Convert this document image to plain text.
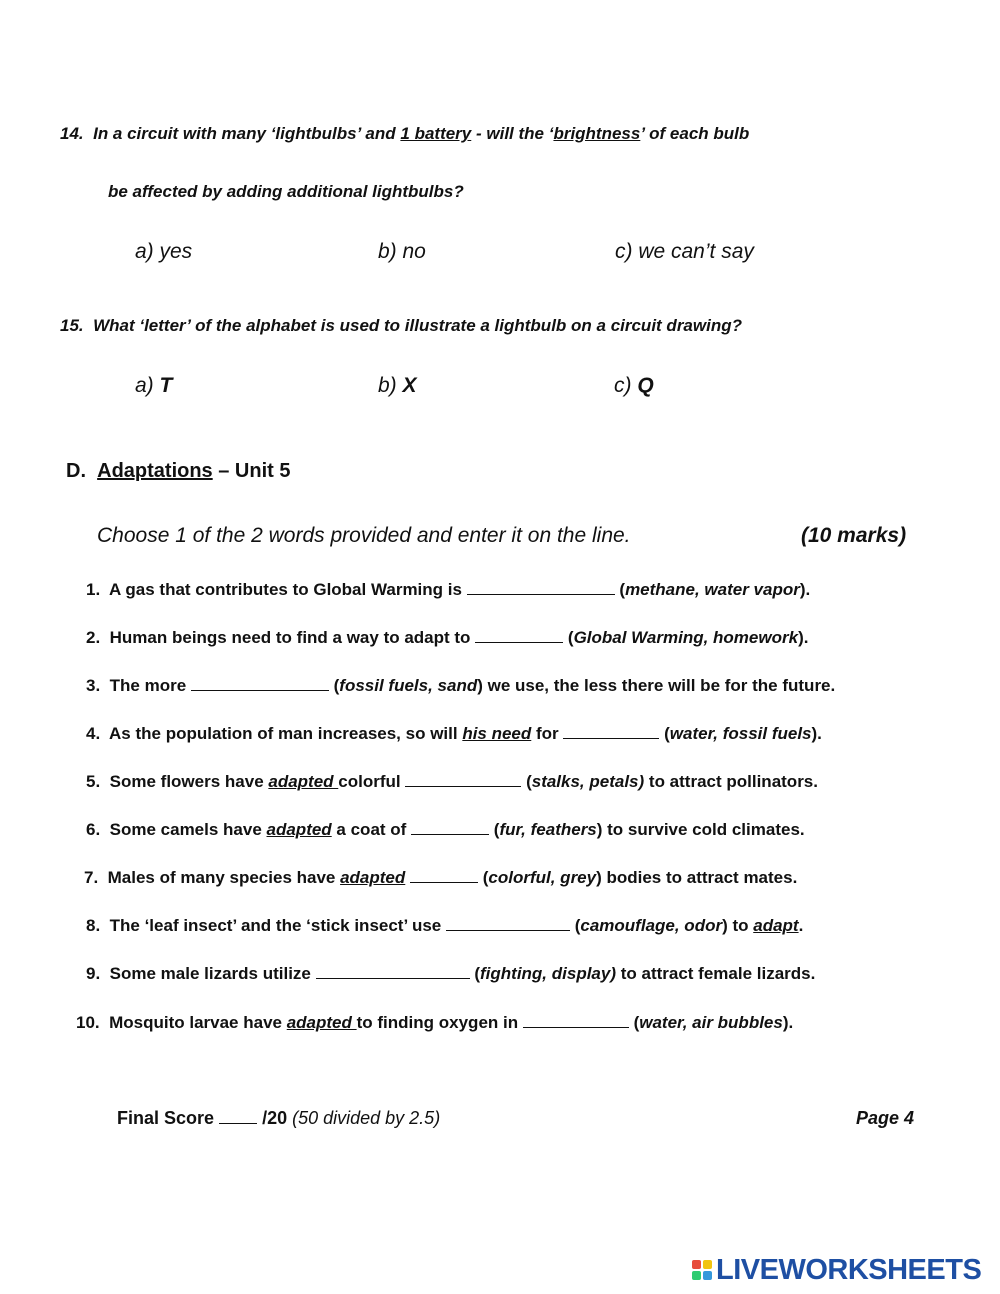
14. In a circuit with many ‘lightbulbs’ and 1 battery - will the ‘brightness’ of each bulb
be affected by adding additional lightbulbs?
a) yes	b) no	c) we can’t say
15. What ‘letter’ of the alphabet is used to illustrate a lightbulb on a circuit drawing?
a) T	b) X	c) Q
D. Adaptations – Unit 5
Choose 1 of the 2 words provided and enter it on the line.	(10 marks)
1. A gas that contributes to Global Warming is	(methane, water vapor).
2. Human beings need to find a way to adapt to	(Global Warming, homework).
3. The more	(fossil fuels, sand) we use, the less there will be for the future.
4. As the population of man increases, so will his need for	(water, fossil fuels).
5. Some flowers have adapted colorful	(stalks, petals) to attract pollinators.
6. Some camels have adapted a coat of	(fur, feathers) to survive cold climates.
7. Males of many species have adapted	(colorful, grey) bodies to attract mates.
8. The ‘leaf insect’ and the ‘stick insect’ use	(camouflage, odor) to adapt.
9. Some male lizards utilize	(fighting, display) to attract female lizards.
10. Mosquito larvae have adapted to finding oxygen in	(water, air bubbles).
Final Score  /20 (50 divided by 2.5)	Page 4
LIVEWORKSHEETS
